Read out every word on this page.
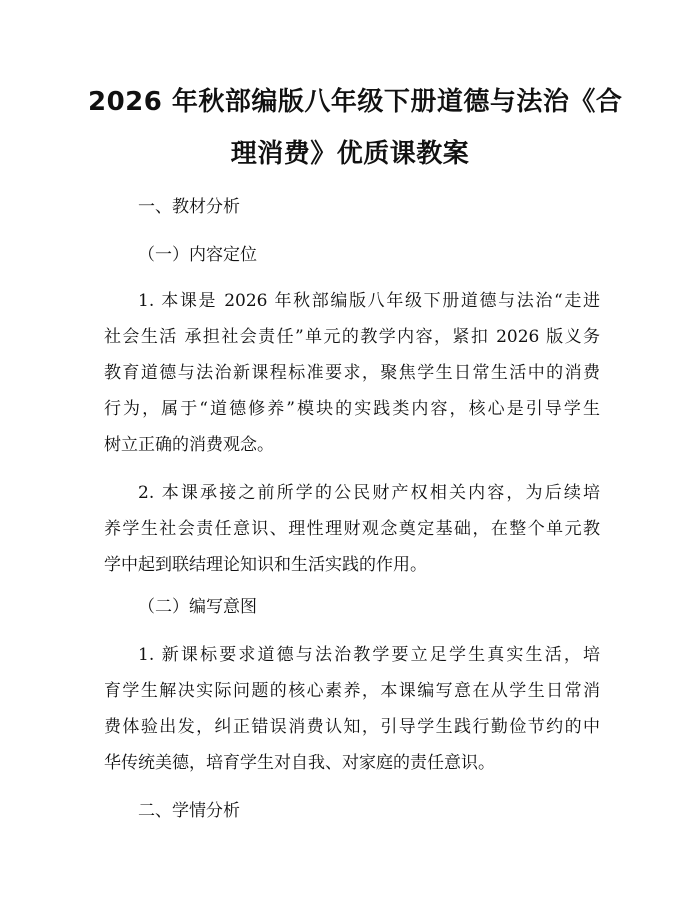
2026 年秋部编版八年级下册道德与法治《合
理消费》优质课教案

一、教材分析

（一）内容定位

1. 本课是 2026 年秋部编版八年级下册道德与法治“走进
社会生活 承担社会责任”单元的教学内容，紧扣 2026 版义务
教育道德与法治新课程标准要求，聚焦学生日常生活中的消费
行为，属于“道德修养”模块的实践类内容，核心是引导学生
树立正确的消费观念。
2. 本课承接之前所学的公民财产权相关内容，为后续培
养学生社会责任意识、理性理财观念奠定基础，在整个单元教
学中起到联结理论知识和生活实践的作用。

（二）编写意图

1. 新课标要求道德与法治教学要立足学生真实生活，培
育学生解决实际问题的核心素养，本课编写意在从学生日常消
费体验出发，纠正错误消费认知，引导学生践行勤俭节约的中
华传统美德，培育学生对自我、对家庭的责任意识。

二、学情分析
